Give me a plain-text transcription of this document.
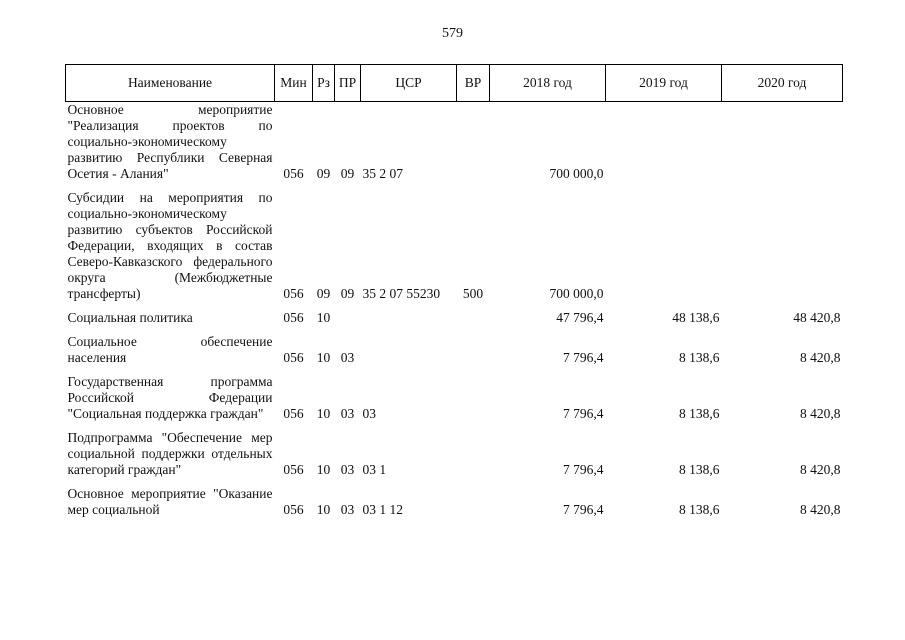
579
Наименование	Мин	Рз	ПР	ЦСР	ВР	2018 год	2019 год	2020 год
Основное мероприятие "Реализация проектов по социально-экономическому развитию Республики Северная Осетия - Алания"	056	09	09	35 2 07		700 000,0		

Субсидии на мероприятия по социально-экономическому развитию субъектов Российской Федерации, входящих в состав Северо-Кавказского федерального округа (Межбюджетные трансферты)	056	09	09	35 2 07 55230	500	700 000,0		

Социальная политика	056	10				47 796,4	48 138,6	48 420,8

Социальное обеспечение населения	056	10	03			7 796,4	8 138,6	8 420,8

Государственная программа Российской Федерации "Социальная поддержка граждан"	056	10	03	03		7 796,4	8 138,6	8 420,8

Подпрограмма "Обеспечение мер социальной поддержки отдельных категорий граждан"	056	10	03	03 1		7 796,4	8 138,6	8 420,8

Основное мероприятие "Оказание мер социальной	056	10	03	03 1 12		7 796,4	8 138,6	8 420,8
